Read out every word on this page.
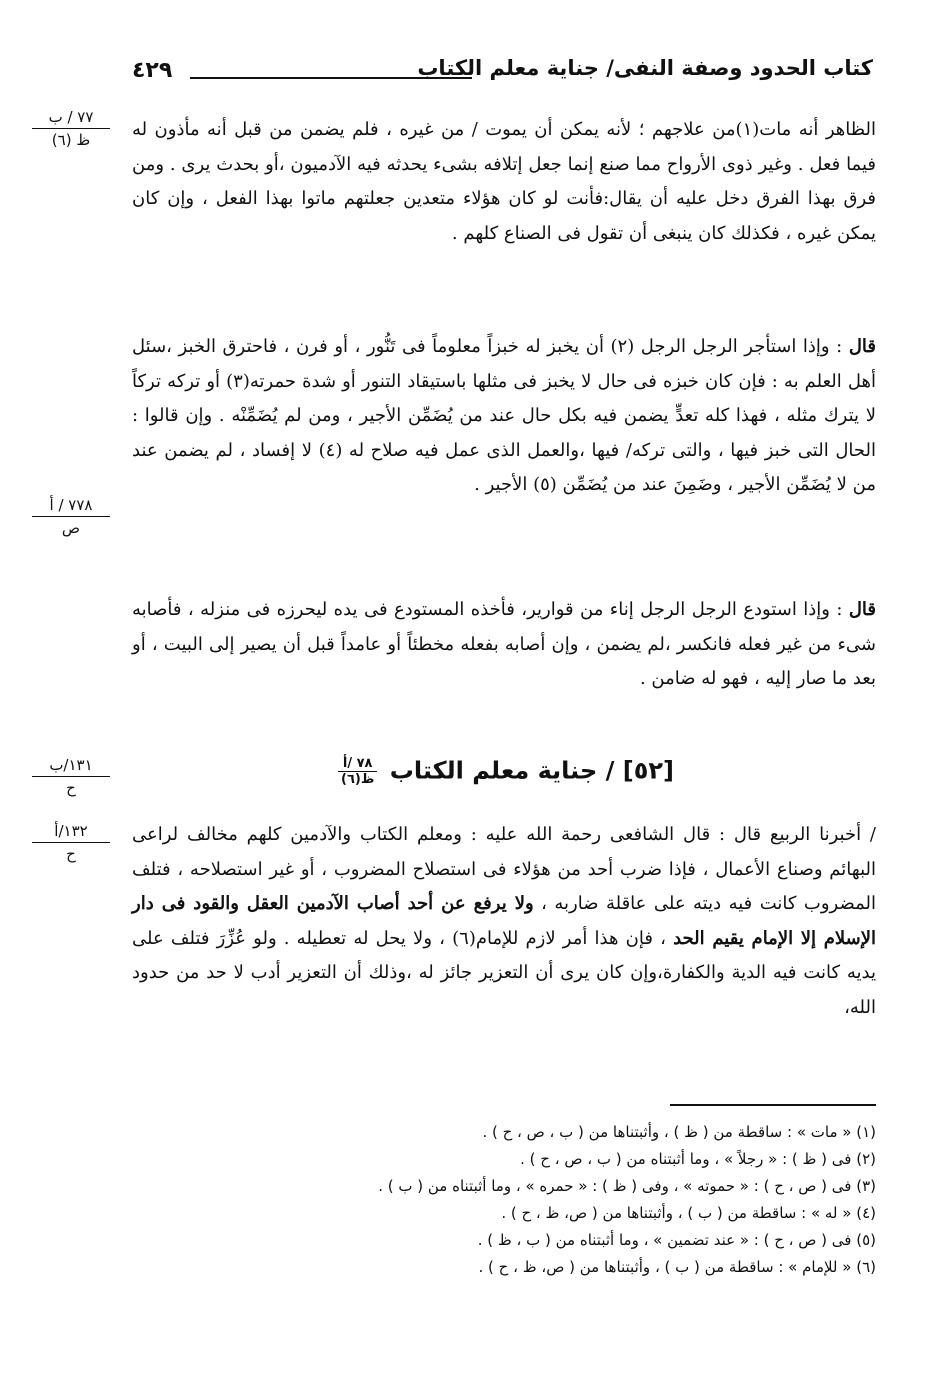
كتاب الحدود وصفة النفى/ جناية معلم الكتاب
٤٢٩
٧٧ / ب
ظ (٦)
٧٧٨ / أ
ص
١٣١/ب
ح
١٣٢/أ
ح

الظاهر أنه مات(١)من علاجهم ؛ لأنه يمكن أن يموت / من غيره ، فلم يضمن من قبل أنه مأذون له فيما فعل . وغير ذوى الأرواح مما صنع إنما جعل إتلافه بشىء يحدثه فيه الآدميون ،أو بحدث يرى . ومن فرق بهذا الفرق دخل عليه أن يقال:فأنت لو كان هؤلاء متعدين جعلتهم ماتوا بهذا الفعل ، وإن كان يمكن غيره ، فكذلك كان ينبغى أن تقول فى الصناع كلهم .

قال : وإذا استأجر الرجل الرجل (٢) أن يخبز له خبزاً معلوماً فى تَنُّور ، أو فرن ، فاحترق الخبز ،سئل أهل العلم به : فإن كان خبزه فى حال لا يخبز فى مثلها باستيقاد التنور أو شدة حمرته(٣) أو تركه تركاً لا يترك مثله ، فهذا كله تعدٍّ يضمن فيه بكل حال عند من يُضَمِّن الأجير ، ومن لم يُضَمِّنْه . وإن قالوا : الحال التى خبز فيها ، والتى تركه/ فيها ،والعمل الذى عمل فيه صلاح له (٤) لا إفساد ، لم يضمن عند من لا يُضَمِّن الأجير ، وضَمِنَ عند من يُضَمِّن (٥) الأجير .

قال : وإذا استودع الرجل الرجل إناء من قوارير، فأخذه المستودع فى يده ليحرزه فى منزله ، فأصابه شىء من غير فعله فانكسر ،لم يضمن ، وإن أصابه بفعله مخطئاً أو عامداً قبل أن يصير إلى البيت ، أو بعد ما صار إليه ، فهو له ضامن .

[٥٢] / جناية معلم الكتاب
$\frac{\text{٧٨ /أ}}{\text{ظ(٦)}}$

/ أخبرنا الربيع قال : قال الشافعى رحمة الله عليه : ومعلم الكتاب والآدمين كلهم مخالف لراعى البهائم وصناع الأعمال ، فإذا ضرب أحد من هؤلاء فى استصلاح المضروب ، أو غير استصلاحه ، فتلف المضروب كانت فيه ديته على عاقلة ضاربه ، ولا يرفع عن أحد أصاب الآدمين العقل والقود فى دار الإسلام إلا الإمام يقيم الحد ، فإن هذا أمر لازم للإمام(٦) ، ولا يحل له تعطيله . ولو عُزِّرَ فتلف على يديه كانت فيه الدية والكفارة،وإن كان يرى أن التعزير جائز له ،وذلك أن التعزير أدب لا حد من حدود الله،

(١) « مات » : ساقطة من ( ظ ) ، وأثبتناها من ( ب ، ص ، ح ) .
(٢) فى ( ظ ) : « رجلاً » ، وما أثبتناه من ( ب ، ص ، ح ) .
(٣) فى ( ص ، ح ) : « حموته » ، وفى ( ظ ) : « حمره » ، وما أثبتناه من ( ب ) .
(٤) « له » : ساقطة من ( ب ) ، وأثبتناها من ( ص، ظ ، ح ) .
(٥) فى ( ص ، ح ) : « عند تضمين » ، وما أثبتناه من ( ب ، ظ ) .
(٦) « للإمام » : ساقطة من ( ب ) ، وأثبتناها من ( ص، ظ ، ح ) .
